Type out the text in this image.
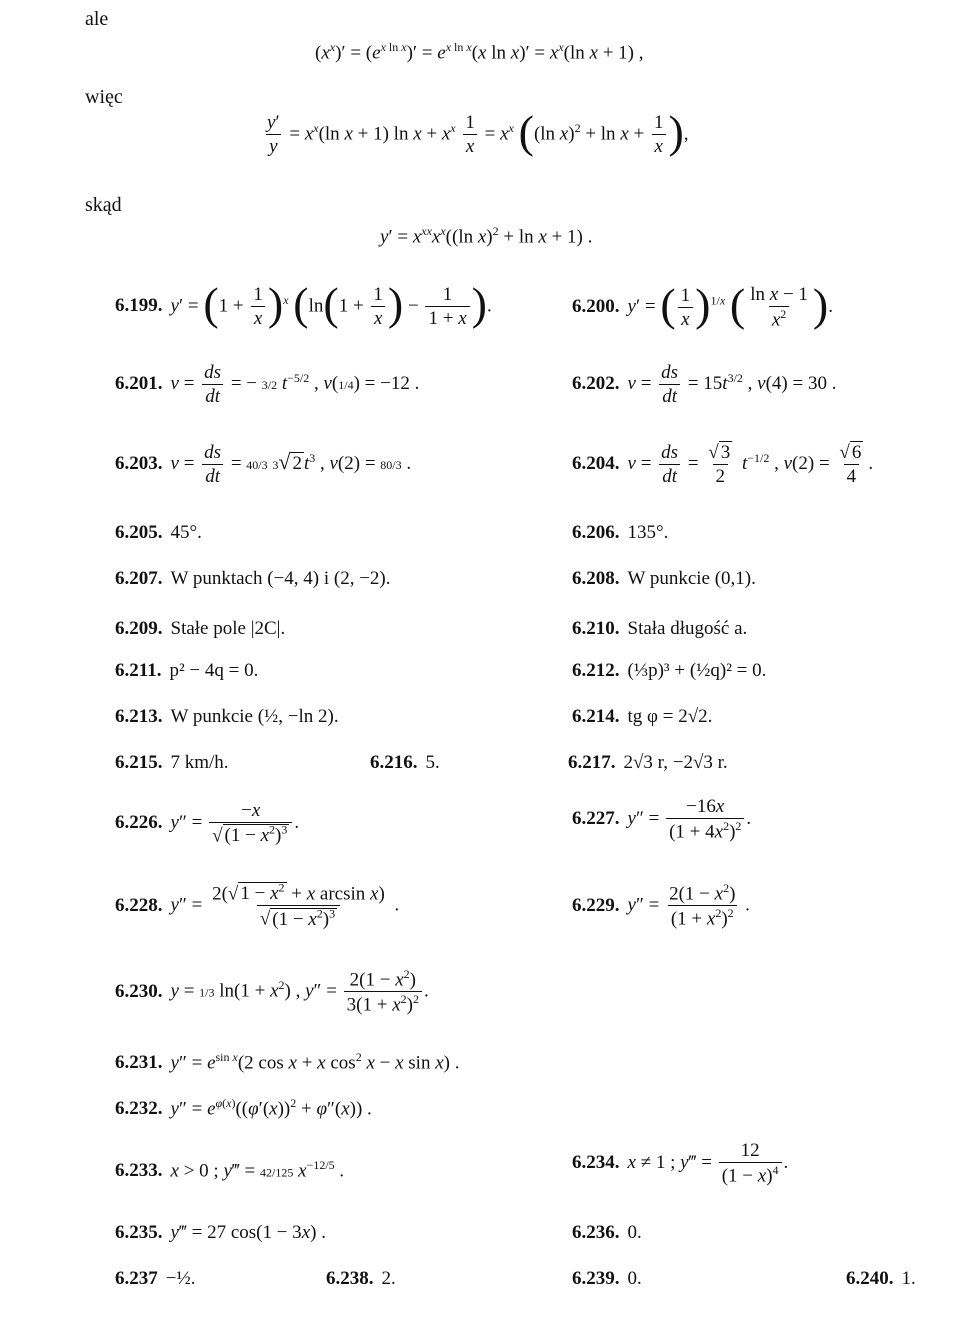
ale
więc
skąd
$(x^x)' = (e^{x ln x})' = e^{x ln x}(x$ $\ln x)' = x^x(\ln$ x + 1) ,
$\frac{y'}{y} = x^x(\ln$ x + 1) $\ln x + x^x \frac{1}{x} = x^x$ ((ln $x)^2 + \ln x + \frac{1}{x}$ ),
$y' = x^{xx}x^x((\ln$ x)$^2$ + ln x + 1) .
6.199. $y' = (1 + \frac{1}{x} )^x$ ($\ln(1 + \frac{1}{x}$ ) − $\frac{1}{1 + x}$ ).	6.200. y′ = ( $\frac{1}{x} )^{1/x}$ ( $\frac{\text{ln x − 1}}{x^2}$ ).
6.201. $v = \frac{ds}{dt}$ = − 3/2 $t^{-5/2}$ , v(1/4) = −12 .	6.202. $v = \frac{ds}{dt} = 15t^{3/2}$ , v(4) = 30 .
6.203. $v = \frac{ds}{dt} = 40/3$ 3√ 2 $t^3$ , v(2) = 80/3 .	6.204. $v = \frac{ds}{dt} = \frac{√ 3}{2} t^{-1/2}$ , $v(2) = \frac{√ 6}{4}$ .
6.205. 45°.	6.206. 135°.
6.207. W punktach (−4, 4) i (2, −2).	6.208. W punkcie (0,1).
6.209. Stałe pole |2C|.	6.210. Stała długość a.
6.211. p² − 4q = 0.	6.212. (⅓p)³ + (½q)² = 0.
6.213. W punkcie (½, −ln 2).	6.214. tg φ = 2√2.
6.215. 7 km/h.	6.216. 5.	6.217. 2√3 r, −2√3 r.
6.226. $y'' = \frac{-x}{√ (1 - x^2)^3}$ .	6.227. $y'' = \frac{-16x}{(1 + 4x^2)^2}$ .
6.228. $y'' = \frac{2(√ 1 - x^2 + x \arcsin x)}{√ (1 - x^2)^3}$ .	6.229. $y'' = \frac{2(1 - x^2)}{(1 + x^2)^2}$ .
6.230. y = 1/3 $\ln(1 + x^2)$ , $y'' = \frac{2(1 - x^2)}{3(1 + x^2)^2}$ .
6.231. $y'' = e^{sin x}(2$ cos x + x $\cos^2 x - x$ sin x) .
6.232. $y'' = e^{\varphi(x)}((\varphi'(x))^2 + \varphi''(x))$ .
6.233. x > 0 ; y‴ = 42/125 $x^{-12/5}$ .	6.234. x ≠ 1 ; y‴ = $\frac{12}{(1 - x)^4}$ .
6.235. y‴ = 27 cos(1 − 3x) .	6.236. 0.
6.237 −½.	6.238. 2.	6.239. 0.	6.240. 1.
